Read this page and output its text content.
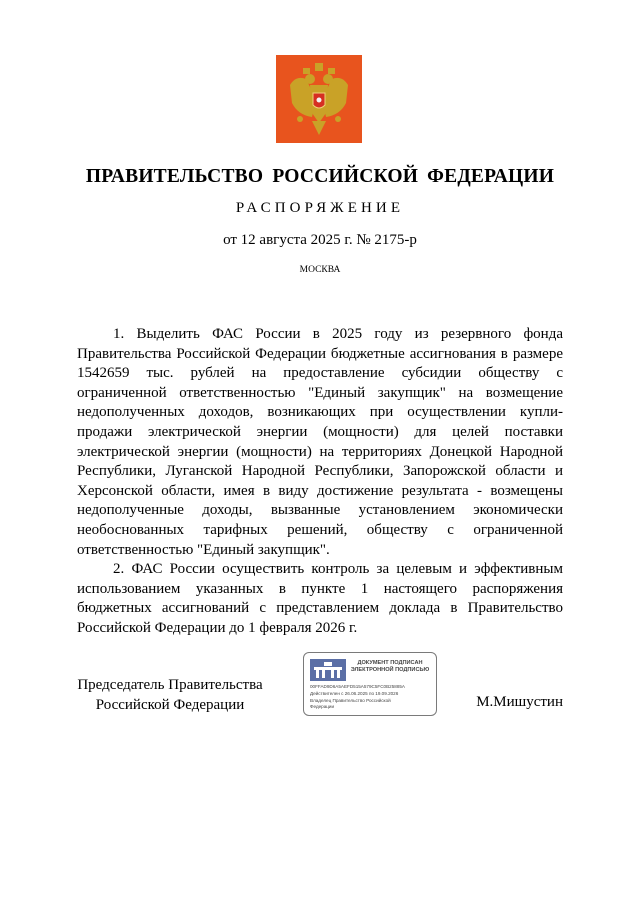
ПРАВИТЕЛЬСТВО РОССИЙСКОЙ ФЕДЕРАЦИИ
РАСПОРЯЖЕНИЕ
от 12 августа 2025 г. № 2175-р
МОСКВА

1. Выделить ФАС России в 2025 году из резервного фонда Правительства Российской Федерации бюджетные ассигнования в размере 1542659 тыс. рублей на предоставление субсидии обществу с ограниченной ответственностью "Единый закупщик" на возмещение недополученных доходов, возникающих при осуществлении купли-продажи электрической энергии (мощности) для целей поставки электрической энергии (мощности) на территориях Донецкой Народной Республики, Луганской Народной Республики, Запорожской области и Херсонской области, имея в виду достижение результата - возмещены недополученные доходы, вызванные установлением экономически необоснованных тарифных решений, обществу с ограниченной ответственностью "Единый закупщик".

2. ФАС России осуществить контроль за целевым и эффективным использованием указанных в пункте 1 настоящего распоряжения бюджетных ассигнований с представлением доклада в Правительство Российской Федерации до 1 февраля 2026 г.

Председатель Правительства
Российской Федерации
ДОКУМЕНТ ПОДПИСАН
ЭЛЕКТРОННОЙ ПОДПИСЬЮ
00FFAD9D6A5AEFD515A579C5FC0B25885A
Действителен с 26.06.2025 по 19.09.2026
Владелец Правительство Российской
Федерации	М.Мишустин
